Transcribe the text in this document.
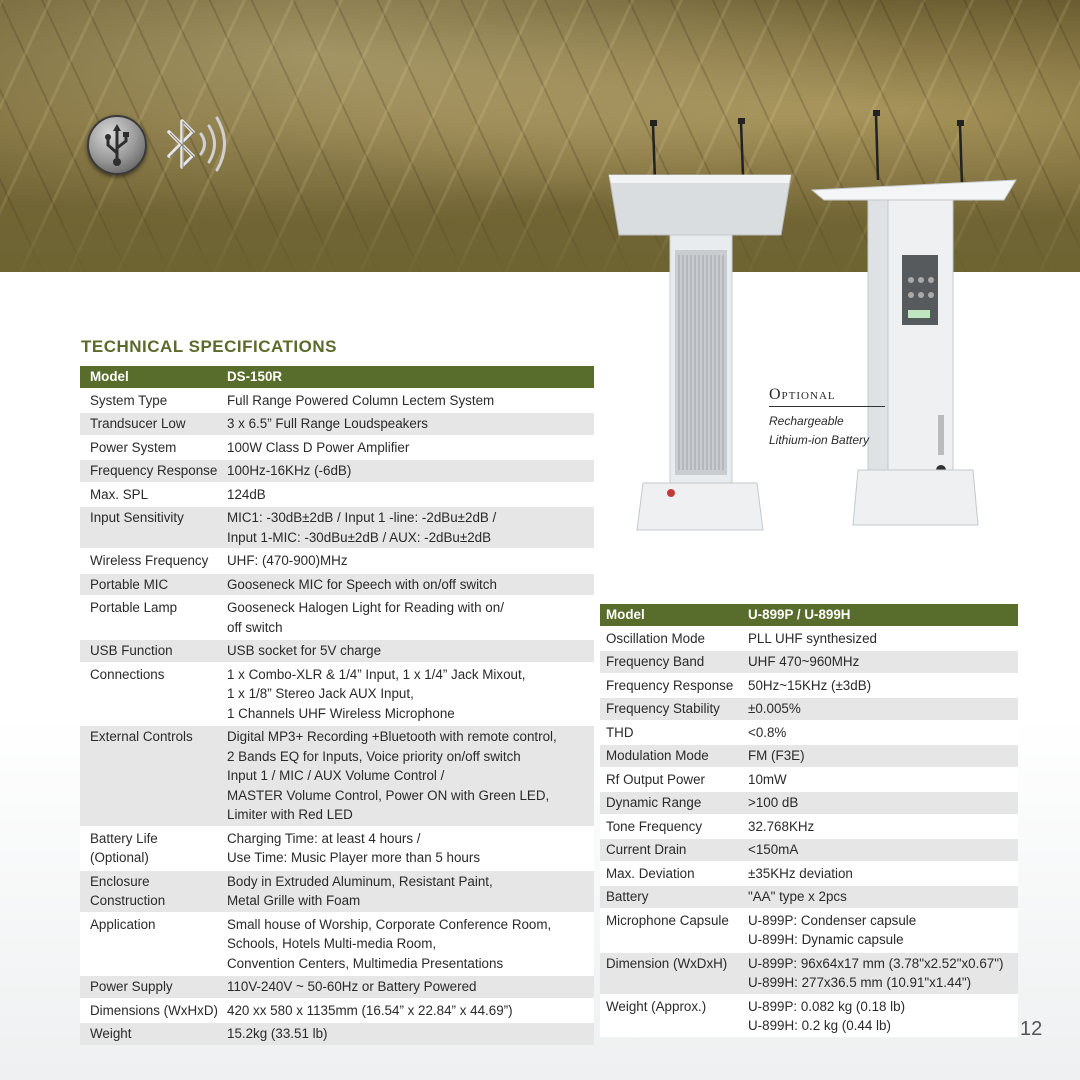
Optional
Rechargeable
Lithium-ion Battery
TECHNICAL SPECIFICATIONS
Model	DS-150R
System Type	Full Range Powered Column Lectem System

Trandsucer Low	3 x 6.5” Full Range Loudspeakers

Power System	100W Class D Power Amplifier

Frequency Response	100Hz-16KHz (-6dB)

Max. SPL	124dB

Input Sensitivity	MIC1: -30dB±2dB / Input 1 -line: -2dBu±2dB /
Input 1-MIC: -30dBu±2dB / AUX: -2dBu±2dB

Wireless Frequency	UHF: (470-900)MHz

Portable MIC	Gooseneck MIC for Speech with on/off switch

Portable Lamp	Gooseneck Halogen Light for Reading with on/
off switch

USB Function	USB socket for 5V charge

Connections	1 x Combo-XLR & 1/4” Input, 1 x 1/4” Jack Mixout,
1 x 1/8” Stereo Jack AUX Input,
1 Channels UHF Wireless Microphone

External Controls	Digital MP3+ Recording +Bluetooth with remote control,
2 Bands EQ for Inputs, Voice priority on/off switch
Input 1 / MIC / AUX Volume Control /
MASTER Volume Control, Power ON with Green LED,
Limiter with Red LED

Battery Life
(Optional)	Charging Time: at least 4 hours /
Use Time: Music Player more than 5 hours

Enclosure
Construction	Body in Extruded Aluminum, Resistant Paint,
Metal Grille with Foam

Application	Small house of Worship, Corporate Conference Room,
Schools, Hotels Multi-media Room,
Convention Centers, Multimedia Presentations

Power Supply	110V-240V ~ 50-60Hz or Battery Powered

Dimensions (WxHxD)	420 xx 580 x 1135mm (16.54” x 22.84” x 44.69”)

Weight	15.2kg (33.51 lb)
Model	U-899P / U-899H
Oscillation Mode	PLL UHF synthesized

Frequency Band	UHF 470~960MHz

Frequency Response	50Hz~15KHz (±3dB)

Frequency Stability	±0.005%

THD	<0.8%

Modulation Mode	FM (F3E)

Rf Output Power	10mW

Dynamic Range	>100 dB

Tone Frequency	32.768KHz

Current Drain	<150mA

Max. Deviation	±35KHz deviation

Battery	"AA" type x 2pcs

Microphone Capsule	U-899P: Condenser capsule
U-899H: Dynamic capsule

Dimension (WxDxH)	U-899P: 96x64x17 mm (3.78"x2.52"x0.67")
U-899H: 277x36.5 mm (10.91"x1.44")

Weight (Approx.)	U-899P: 0.082 kg (0.18 lb)
U-899H: 0.2 kg (0.44 lb)	12
